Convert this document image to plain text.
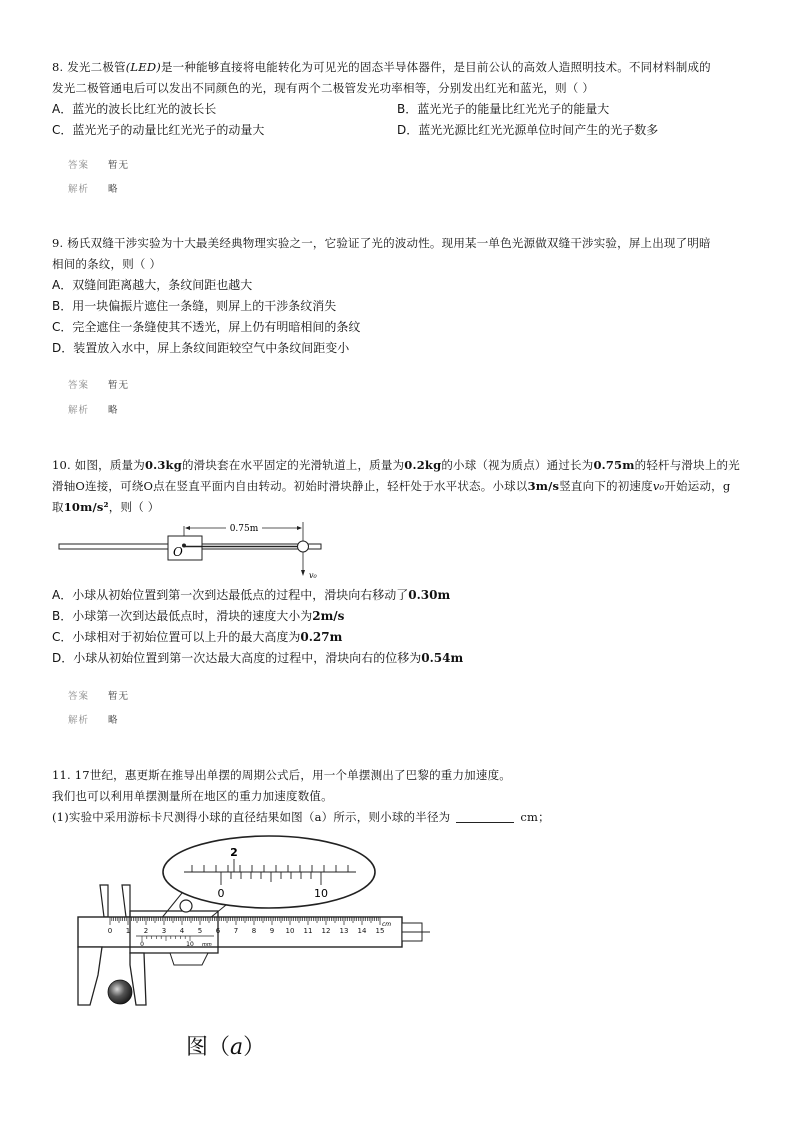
8. 发光二极管(LED)是一种能够直接将电能转化为可见光的固态半导体器件，是目前公认的高效人造照明技术。不同材料制成的
发光二极管通电后可以发出不同颜色的光，现有两个二极管发光功率相等，分别发出红光和蓝光，则（ ）
A．蓝光的波长比红光的波长长	B．蓝光光子的能量比红光光子的能量大
C．蓝光光子的动量比红光光子的动量大	D．蓝光光源比红光光源单位时间产生的光子数多
答案 暂无
解析 略
9. 杨氏双缝干涉实验为十大最美经典物理实验之一，它验证了光的波动性。现用某一单色光源做双缝干涉实验，屏上出现了明暗
相间的条纹，则（ ）
A．双缝间距离越大，条纹间距也越大
B．用一块偏振片遮住一条缝，则屏上的干涉条纹消失
C．完全遮住一条缝使其不透光，屏上仍有明暗相间的条纹
D．装置放入水中，屏上条纹间距较空气中条纹间距变小
答案 暂无
解析 略
10. 如图，质量为0.3kg的滑块套在水平固定的光滑轨道上，质量为0.2kg的小球（视为质点）通过长为0.75m的轻杆与滑块上的光
滑轴O连接，可绕O点在竖直平面内自由转动。初始时滑块静止，轻杆处于水平状态。小球以3m/s竖直向下的初速度v₀开始运动，g
取10m/s²，则（ ）
O
0.75m
v₀
A．小球从初始位置到第一次到达最低点的过程中，滑块向右移动了0.30m
B．小球第一次到达最低点时，滑块的速度大小为2m/s
C．小球相对于初始位置可以上升的最大高度为0.27m
D．小球从初始位置到第一次达最大高度的过程中，滑块向右的位移为0.54m
答案 暂无
解析 略
11. 17世纪，惠更斯在推导出单摆的周期公式后，用一个单摆测出了巴黎的重力加速度。
我们也可以利用单摆测量所在地区的重力加速度数值。
(1)实验中采用游标卡尺测得小球的直径结果如图（a）所示，则小球的半径为	cm；
2
0	10
0 1 2 3 4 5 6 7 8 9 10 11 12 13 14 15
cm
0	10 mm
图（a）
